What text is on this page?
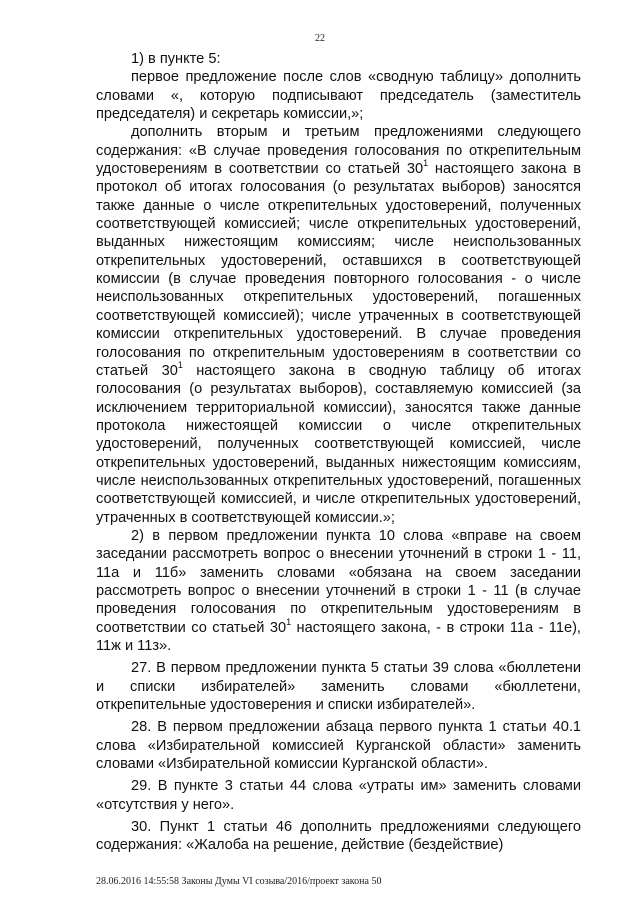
22

1) в пункте 5:

первое предложение после слов «сводную таблицу» дополнить словами «, которую подписывают председатель (заместитель председателя) и секретарь комиссии,»;

дополнить вторым и третьим предложениями следующего содержания: «В случае проведения голосования по открепительным удостоверениям в соответствии со статьей $30^1$ настоящего закона в протокол об итогах голосования (о результатах выборов) заносятся также данные о числе открепительных удостоверений, полученных соответствующей комиссией; числе открепительных удостоверений, выданных нижестоящим комиссиям; числе неиспользованных открепительных удостоверений, оставшихся в соответствующей комиссии (в случае проведения повторного голосования - о числе неиспользованных открепительных удостоверений, погашенных соответствующей комиссией); числе утраченных в соответствующей комиссии открепительных удостоверений. В случае проведения голосования по открепительным удостоверениям в соответствии со статьей $30^1$ настоящего закона в сводную таблицу об итогах голосования (о результатах выборов), составляемую комиссией (за исключением территориальной комиссии), заносятся также данные протокола нижестоящей комиссии о числе открепительных удостоверений, полученных соответствующей комиссией, числе открепительных удостоверений, выданных нижестоящим комиссиям, числе неиспользованных открепительных удостоверений, погашенных соответствующей комиссией, и числе открепительных удостоверений, утраченных в соответствующей комиссии.»;

2) в первом предложении пункта 10 слова «вправе на своем заседании рассмотреть вопрос о внесении уточнений в строки 1 - 11, 11а и 11б» заменить словами «обязана на своем заседании рассмотреть вопрос о внесении уточнений в строки 1 - 11 (в случае проведения голосования по открепительным удостоверениям в соответствии со статьей $30^1$ настоящего закона, - в строки 11а - 11е), 11ж и 11з».

27. В первом предложении пункта 5 статьи 39 слова «бюллетени и списки избирателей» заменить словами «бюллетени, открепительные удостоверения и списки избирателей».

28. В первом предложении абзаца первого пункта 1 статьи 40.1 слова «Избирательной комиссией Курганской области» заменить словами «Избирательной комиссии Курганской области».

29. В пункте 3 статьи 44 слова «утраты им» заменить словами «отсутствия у него».

30. Пункт 1 статьи 46 дополнить предложениями следующего содержания: «Жалоба на решение, действие (бездействие)

28.06.2016 14:55:58 Законы Думы VI созыва/2016/проект закона 50
